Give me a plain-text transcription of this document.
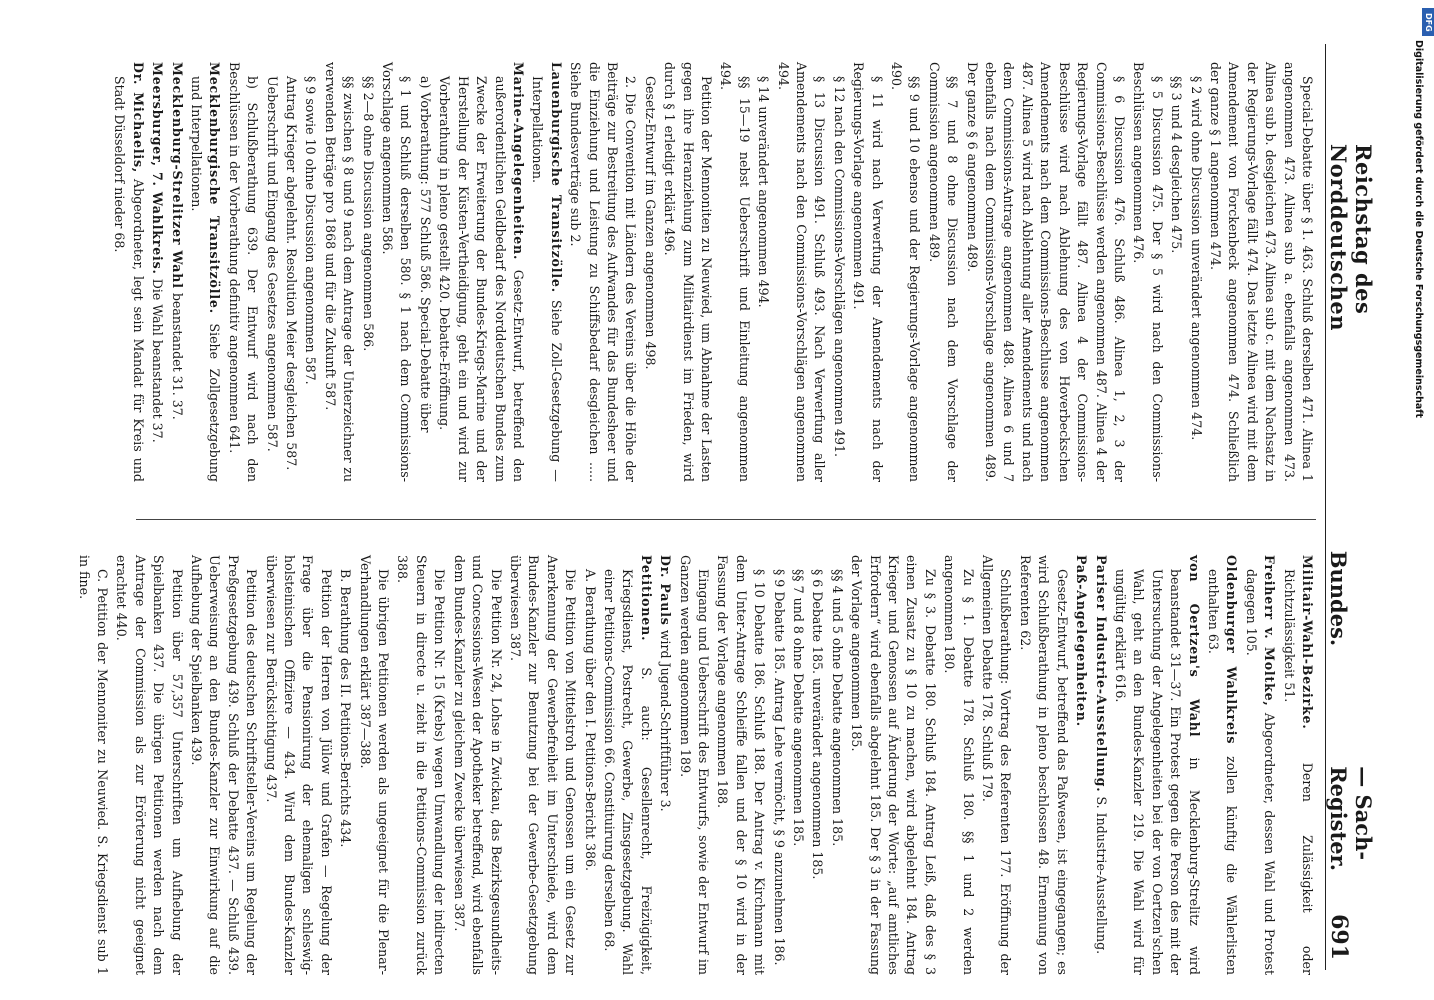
Reichstag des Norddeutschen
Bundes.
— Sach-Register.
691

Special-Debatte über § 1. 463. Schluß derselben 471. Alinea 1 angenommen 473. Alinea sub a. ebenfalls angenommen 473. Alinea sub b. desgleichen 473. Alinea sub c. mit dem Nachsatz in der Regierungs-Vorlage fällt 474. Das letzte Alinea wird mit dem Amendement von Forckenbeck angenommen 474. Schließlich der ganze § 1 angenommen 474.

§ 2 wird ohne Discussion unverändert angenommen 474.

§§ 3 und 4 desgleichen 475.

§ 5 Discussion 475. Der § 5 wird nach den Commissions-Beschlüssen angenommen 476.

§ 6 Discussion 476. Schluß 486. Alinea 1, 2, 3 der Commissions-Beschlüsse werden angenommen 487. Alinea 4 der Regierungs-Vorlage fällt 487. Alinea 4 der Commissions-Beschlüsse wird nach Ablehnung des von Hoverbeckschen Amendements nach dem Commissions-Beschlusse angenommen 487. Alinea 5 wird nach Ablehnung aller Amendements und nach dem Commissions-Antrage angenommen 488. Alinea 6 und 7 ebenfalls nach dem Commissions-Vorschlage angenommen 489. Der ganze § 6 angenommen 489.

§§ 7 und 8 ohne Discussion nach dem Vorschlage der Commission angenommen 489.

§§ 9 und 10 ebenso und der Regierungs-Vorlage angenommen 490.

§ 11 wird nach Verwerfung der Amendements nach der Regierungs-Vorlage angenommen 491.

§ 12 nach den Commissions-Vorschlägen angenommen 491.

§ 13 Discussion 491. Schluß 493. Nach Verwerfung aller Amendements nach den Commissions-Vorschlägen angenommen 494.

§ 14 unverändert angenommen 494.

§§ 15—19 nebst Ueberschrift und Einleitung angenommen 494.

Petition der Mennoniten zu Neuwied, um Abnahme der Lasten gegen ihre Heranziehung zum Militairdienst im Frieden, wird durch § 1 erledigt erklärt 496.

Gesetz-Entwurf im Ganzen angenommen 498.

2. Die Convention mit Ländern des Vereins über die Höhe der Beiträge zur Bestreitung des Aufwandes für das Bundesheer und die Einziehung und Leistung zu Schiffsbedarf desgleichen ..... Siehe Bundesverträge sub 2.

Lauenburgische Transitzölle. Siehe Zoll-Gesetzgebung — Interpellationen.

Marine-Angelegenheiten. Gesetz-Entwurf, betreffend den außerordentlichen Geldbedarf des Norddeutschen Bundes zum Zwecke der Erweiterung der Bundes-Kriegs-Marine und der Herstellung der Küsten-Vertheidigung, geht ein und wird zur Vorberathung in pleno gestellt 420. Debatte-Eröffnung.

a) Vorberathung: 577 Schluß 586. Special-Debatte über

§ 1 und Schluß derselben 580. § 1 nach dem Commissions-Vorschlage angenommen 586.

§§ 2—8 ohne Discussion angenommen 586.

§§ zwischen § 8 und 9 nach dem Antrage der Unterzeichner zu verwenden Beträge pro 1868 und für die Zukunft 587.

§ 9 sowie 10 ohne Discussion angenommen 587.

Antrag Krieger abgelehnt. Resolution Meier desgleichen 587.

Ueberschrift und Eingang des Gesetzes angenommen 587.

b) Schlußberathung 639. Der Entwurf wird nach den Beschlüssen in der Vorberathung definitiv angenommen 641.

Mecklenburgische Transitzölle. Siehe Zollgesetzgebung und Interpellationen.

Mecklenburg-Strelitzer Wahl beanstandet 31. 37.

Meersburger, 7. Wahlkreis. Die Wahl beanstandet 37.

Dr. Michaelis, Abgeordneter, legt sein Mandat für Kreis und Stadt Düsseldorf nieder 68.

Militair-Wahl-Bezirke. Deren Zulässigkeit oder Richtzulässigkeit 51.

Freiherr v. Moltke, Abgeordneter, dessen Wahl und Protest dagegen 105.

Oldenburger Wahlkreis zollen künftig die Wählerlisten enthalten 63.

von Oertzen's Wahl in Mecklenburg-Strelitz wird beanstandet 31—37. Ein Protest gegen die Person des mit der Untersuchung der Angelegenheiten bei der von Oertzen'schen Wahl, geht an den Bundes-Kanzler 219. Die Wahl wird für ungültig erklärt 616.

Pariser Industrie-Ausstellung. S. Industrie-Ausstellung.

Paß-Angelegenheiten.

Gesetz-Entwurf, betreffend das Paßwesen, ist eingegangen; es wird Schlußberathung in pleno beschlossen 48. Ernennung von Referenten 62.

Schlußberathung: Vortrag des Referenten 177. Eröffnung der Allgemeinen Debatte 178. Schluß 179.

Zu § 1. Debatte 178. Schluß 180. §§ 1 und 2 werden angenommen 180.

Zu § 3. Debatte 180. Schluß 184. Antrag Leiß, daß des § 3 einen Zusatz zu § 10 zu machen, wird abgelehnt 184. Antrag Krieger und Genossen auf Änderung der Worte: „auf amtliches Erfordern“ wird ebenfalls abgelehnt 185. Der § 3 in der Fassung der Vorlage angenommen 185.

§§ 4 und 5 ohne Debatte angenommen 185.

§ 6 Debatte 185. unverändert angenommen 185.

§§ 7 und 8 ohne Debatte angenommen 185.

§ 9 Debatte 185. Antrag Lehe vermöcht, § 9 anzunehmen 186.

§ 10 Debatte 186. Schluß 188. Der Antrag v. Kirchmann mit dem Unter-Antrage Schleiffe fallen und der § 10 wird in der Fassung der Vorlage angenommen 188.

Eingang und Ueberschrift des Entwurfs, sowie der Entwurf im Ganzen werden angenommen 189.

Dr. Pauls wird Jugend-Schriftführer 3.

Petitionen. S. auch: Gesellenrecht, Freizügigkeit, Kriegsdienst, Postrecht, Gewerbe, Zinsgesetzgebung. Wahl einer Petitions-Commission 66. Constituirung derselben 68.

A. Berathung über den I. Petitions-Bericht 386.

Die Petition von Mittelstroh und Genossen um ein Gesetz zur Anerkennung der Gewerbefreiheit im Unterschiede, wird dem Bundes-Kanzler zur Benutzung bei der Gewerbe-Gesetzgebung überwiesen 387.

Die Petition Nr. 24, Lohse in Zwickau, das Bezirksgesundheits- und Concessions-Wesen der Apotheker betreffend, wird ebenfalls dem Bundes-Kanzler zu gleichem Zwecke überwiesen 387.

Die Petition Nr. 15 (Krebs) wegen Umwandlung der indirecten Steuern in directe u. zieht in die Petitions-Commission zurück 388.

Die übrigen Petitionen werden als ungeeignet für die Plenar-Verhandlungen erklärt 387—388.

B. Berathung des II. Petitions-Berichts 434.

Petition der Herren von Jülow und Grafen — Regelung der Frage über die Pensionirung der ehemaligen schleswig-holsteinischen Offiziere — 434. Wird dem Bundes-Kanzler überwiesen zur Berücksichtigung 437.

Petition des deutschen Schriftsteller-Vereins um Regelung der Preßgesetzgebung 439. Schluß der Debatte 437. — Schluß 439. Ueberweisung an den Bundes-Kanzler zur Einwirkung auf die Aufhebung der Spielbanken 439.

Petition über 57,357 Unterschriften um Aufhebung der Spielbanken 437. Die übrigen Petitionen werden nach dem Antrage der Commission als zur Erörterung nicht geeignet erachtet 440.

C. Petition der Mennoniter zu Neuwied. S. Kriegsdienst sub 1 in fine.

DFG
Digitalisierung gefördert durch die Deutsche Forschungsgemeinschaft
